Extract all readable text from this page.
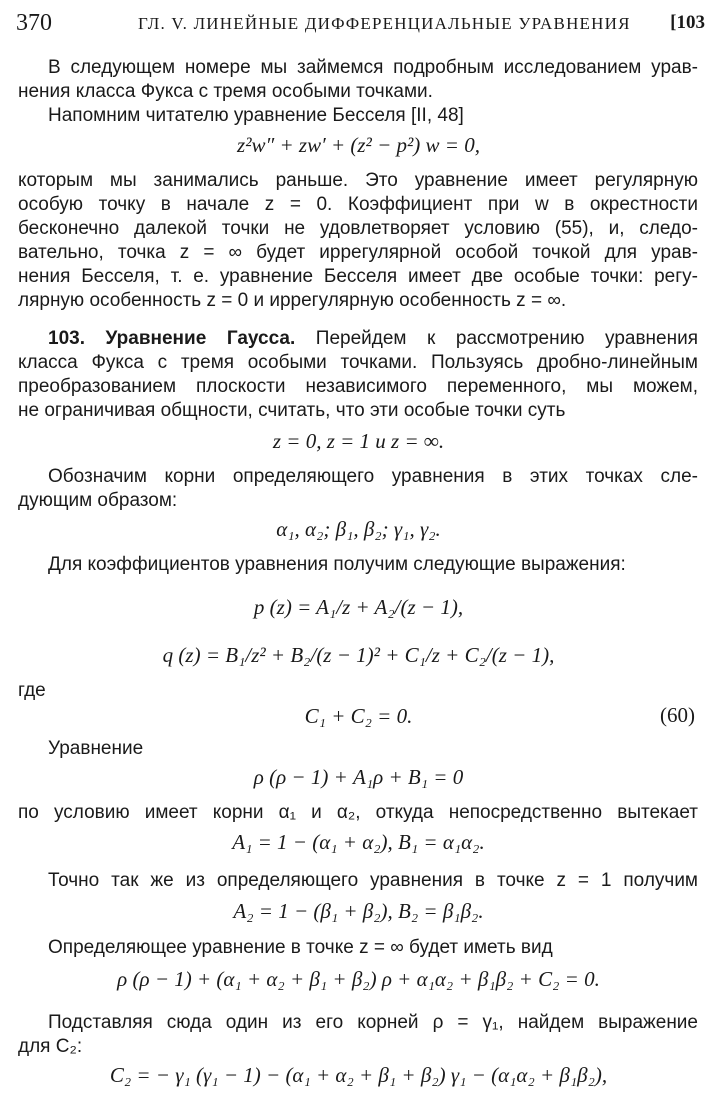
370	ГЛ. V. ЛИНЕЙНЫЕ ДИФФЕРЕНЦИАЛЬНЫЕ УРАВНЕНИЯ [103
В следующем номере мы займемся подробным исследованием урав-
нения класса Фукса с тремя особыми точками.
Напомним читателю уравнение Бесселя [II, 48]
z²w″ + zw′ + (z² − p²) w = 0,
которым мы занимались раньше. Это уравнение имеет регулярную
особую точку в начале z = 0. Коэффициент при w в окрестности
бесконечно далекой точки не удовлетворяет условию (55), и, следо-
вательно, точка z = ∞ будет иррегулярной особой точкой для урав-
нения Бесселя, т. е. уравнение Бесселя имеет две особые точки: регу-
лярную особенность z = 0 и иррегулярную особенность z = ∞.
103. Уравнение Гаусса. Перейдем к рассмотрению уравнения
класса Фукса с тремя особыми точками. Пользуясь дробно-линейным
преобразованием плоскости независимого переменного, мы можем,
не ограничивая общности, считать, что эти особые точки суть
z = 0, z = 1 и z = ∞.
Обозначим корни определяющего уравнения в этих точках сле-
дующим образом:
α₁, α₂; β₁, β₂; γ₁, γ₂.
Для коэффициентов уравнения получим следующие выражения:
p (z) = A₁/z + A₂/(z − 1),
q (z) = B₁/z² + B₂/(z − 1)² + C₁/z + C₂/(z − 1),
где
C₁ + C₂ = 0.	(60)
Уравнение
ρ (ρ − 1) + A₁ρ + B₁ = 0
по условию имеет корни α₁ и α₂, откуда непосредственно вытекает
A₁ = 1 − (α₁ + α₂), B₁ = α₁α₂.
Точно так же из определяющего уравнения в точке z = 1 получим
A₂ = 1 − (β₁ + β₂), B₂ = β₁β₂.
Определяющее уравнение в точке z = ∞ будет иметь вид
ρ (ρ − 1) + (α₁ + α₂ + β₁ + β₂) ρ + α₁α₂ + β₁β₂ + C₂ = 0.
Подставляя сюда один из его корней ρ = γ₁, найдем выражение
для C₂:
C₂ = − γ₁ (γ₁ − 1) − (α₁ + α₂ + β₁ + β₂) γ₁ − (α₁α₂ + β₁β₂),
